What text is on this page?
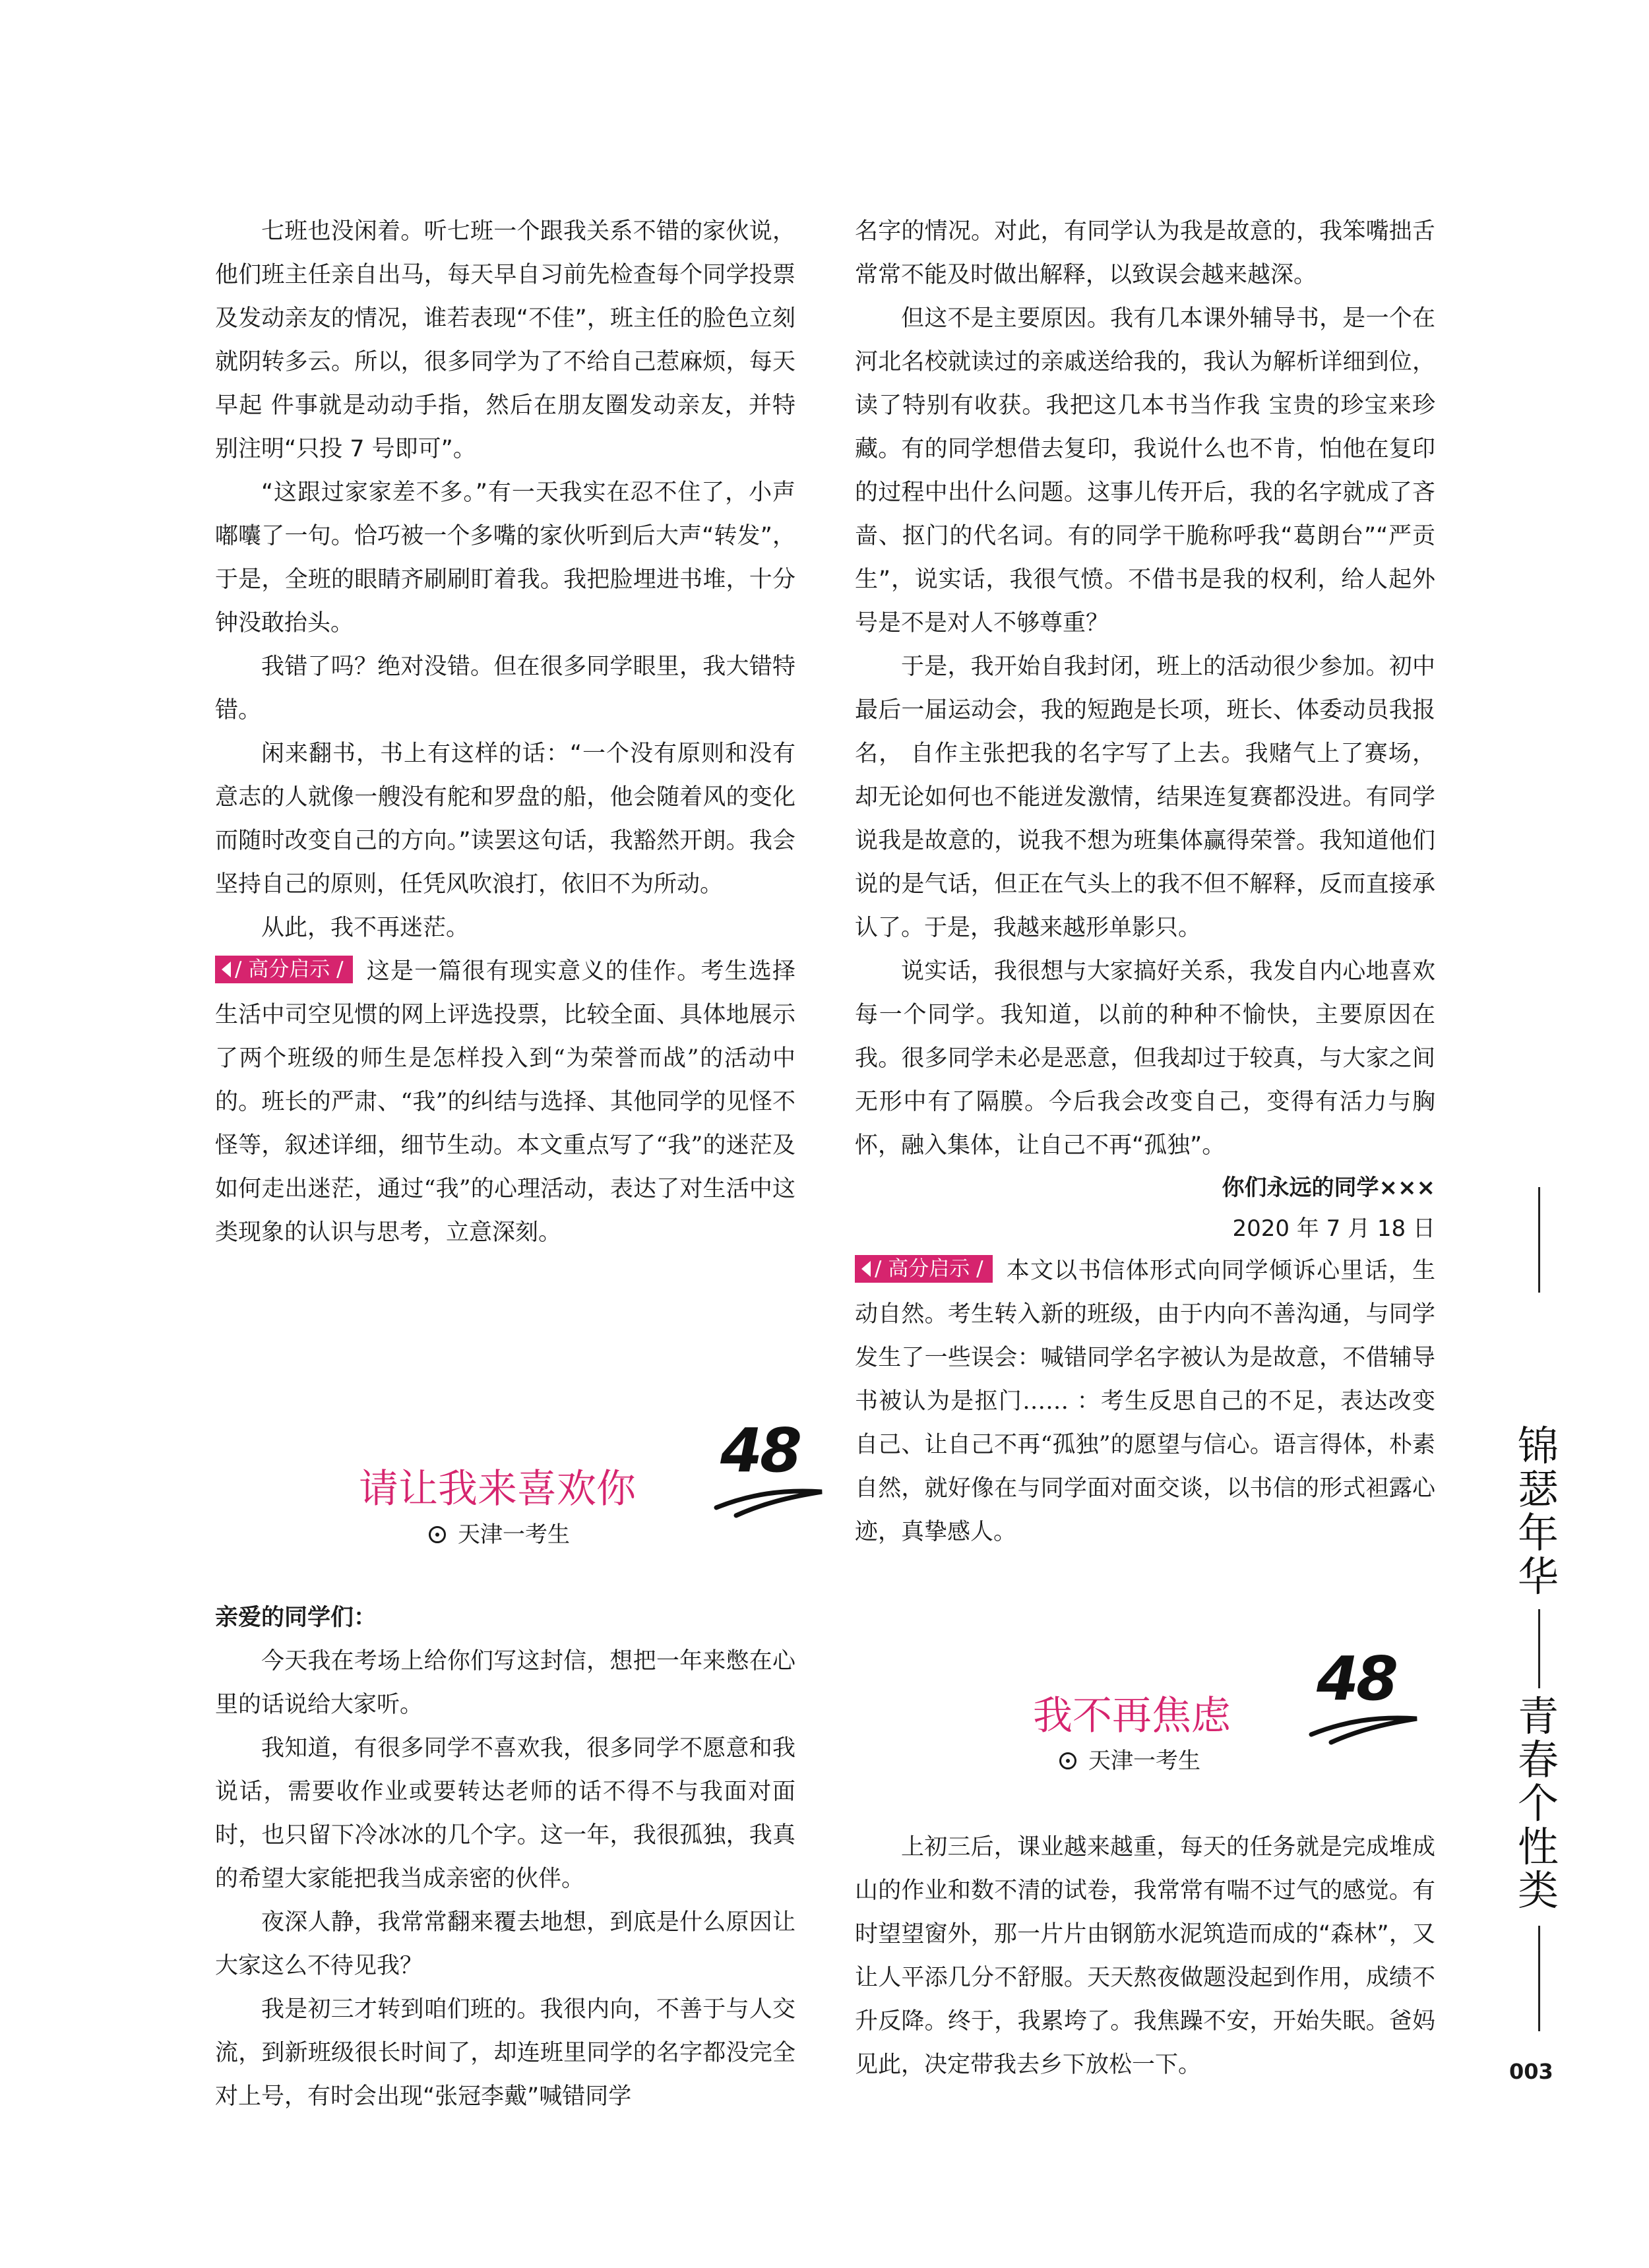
七班也没闲着。听七班一个跟我关系不错的家伙说，他们班主任亲自出马，每天早自习前先检查每个同学投票及发动亲友的情况，谁若表现“不佳”，班主任的脸色立刻就阴转多云。所以，很多同学为了不给自己惹麻烦，每天早起 件事就是动动手指，然后在朋友圈发动亲友，并特别注明“只投 7 号即可”。

“这跟过家家差不多。”有一天我实在忍不住了，小声嘟囔了一句。恰巧被一个多嘴的家伙听到后大声“转发”，于是，全班的眼睛齐刷刷盯着我。我把脸埋进书堆，十分钟没敢抬头。

我错了吗？绝对没错。但在很多同学眼里，我大错特错。

闲来翻书，书上有这样的话：“一个没有原则和没有意志的人就像一艘没有舵和罗盘的船，他会随着风的变化而随时改变自己的方向。”读罢这句话，我豁然开朗。我会坚持自己的原则，任凭风吹浪打，依旧不为所动。

从此，我不再迷茫。

/ 高分启示 / 这是一篇很有现实意义的佳作。考生选择生活中司空见惯的网上评选投票，比较全面、具体地展示了两个班级的师生是怎样投入到“为荣誉而战”的活动中的。班长的严肃、“我”的纠结与选择、其他同学的见怪不怪等，叙述详细，细节生动。本文重点写了“我”的迷茫及如何走出迷茫，通过“我”的心理活动，表达了对生活中这类现象的认识与思考，立意深刻。

请让我来喜欢你
48
天津一考生

亲爱的同学们：

今天我在考场上给你们写这封信，想把一年来憋在心里的话说给大家听。

我知道，有很多同学不喜欢我，很多同学不愿意和我说话，需要收作业或要转达老师的话不得不与我面对面时，也只留下冷冰冰的几个字。这一年，我很孤独，我真的希望大家能把我当成亲密的伙伴。

夜深人静，我常常翻来覆去地想，到底是什么原因让大家这么不待见我？

我是初三才转到咱们班的。我很内向，不善于与人交流，到新班级很长时间了，却连班里同学的名字都没完全对上号，有时会出现“张冠李戴”喊错同学

名字的情况。对此，有同学认为我是故意的，我笨嘴拙舌常常不能及时做出解释，以致误会越来越深。

但这不是主要原因。我有几本课外辅导书，是一个在河北名校就读过的亲戚送给我的，我认为解析详细到位，读了特别有收获。我把这几本书当作我 宝贵的珍宝来珍藏。有的同学想借去复印，我说什么也不肯，怕他在复印的过程中出什么问题。这事儿传开后，我的名字就成了吝啬、抠门的代名词。有的同学干脆称呼我“葛朗台”“严贡生”，说实话，我很气愤。不借书是我的权利，给人起外号是不是对人不够尊重？

于是，我开始自我封闭，班上的活动很少参加。初中最后一届运动会，我的短跑是长项，班长、体委动员我报名， 自作主张把我的名字写了上去。我赌气上了赛场，却无论如何也不能迸发激情，结果连复赛都没进。有同学说我是故意的，说我不想为班集体赢得荣誉。我知道他们说的是气话，但正在气头上的我不但不解释，反而直接承认了。于是，我越来越形单影只。

说实话，我很想与大家搞好关系，我发自内心地喜欢每一个同学。我知道，以前的种种不愉快，主要原因在我。很多同学未必是恶意，但我却过于较真，与大家之间无形中有了隔膜。今后我会改变自己，变得有活力与胸怀，融入集体，让自己不再“孤独”。

你们永远的同学×××

2020 年 7 月 18 日

/ 高分启示 / 本文以书信体形式向同学倾诉心里话，生动自然。考生转入新的班级，由于内向不善沟通，与同学发生了一些误会：喊错同学名字被认为是故意，不借辅导书被认为是抠门…… ：考生反思自己的不足，表达改变自己、让自己不再“孤独”的愿望与信心。语言得体，朴素自然，就好像在与同学面对面交谈，以书信的形式袒露心迹，真挚感人。

我不再焦虑
48
天津一考生

上初三后，课业越来越重，每天的任务就是完成堆成山的作业和数不清的试卷，我常常有喘不过气的感觉。有时望望窗外，那一片片由钢筋水泥筑造而成的“森林”，又让人平添几分不舒服。天天熬夜做题没起到作用，成绩不升反降。终于，我累垮了。我焦躁不安，开始失眠。爸妈见此，决定带我去乡下放松一下。

锦
瑟
年
华
青
春
个
性
类
003
